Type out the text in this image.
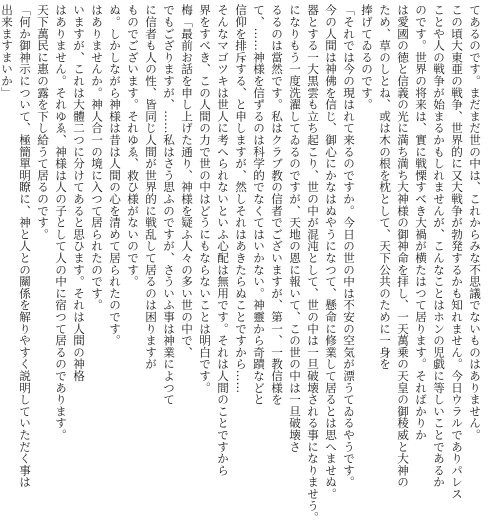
てあるのです。まだまだ世の中は、これからみな不思議でないものはありません。
この頃大東亜の戦争、世界的に又大戦争が勃発するかも知れません。今日ウラルでありパレス
ことや人の戦争が始まるかもしれませんが、こんなことはホンの児戯に等しいことであるか
のです。世界の将来は、實に戦慄すべき大禍が横たはつて居ります。そればかりか
は愛國の徳と信義の光に満ち満ち大神様の御神命を拝し、一天萬乗の天皇の御稜威と大神の
ため、草のしとね、或は木の根を枕として、天下公共のために一身を
捧げてゐるのです。
「それでは今の現はれて来るのですか。今日の世の中は不安の空気が漂うてゐるやうです。
今の人間は神佛を信じ、御心にかなはぬやうになつて、懸命に修業して居るとは思へませぬ。
器とする一大黒雲も立ち起こり、世の中が混沌として、世の中は一旦破壊される事になりませう。
になりもう一度洗濯してゐるのですが、天地の恩に報いて、この世の中は一旦破壊さ
るるのは當然です。私はクラブ教の信者でございますが、第一、一教信様を
て、……神様を信ずるのは科学的でなくてはいかない。神靈から奇蹟などと
信仰を排斥する、と申しますが、然しそれはあきたらぬことですから……
そんなマゴツキは世人に考へられないといふ心配は無用です。それは人間のことですから
界をすべき、この人間の力で世の中はどうにもならないことは明白です。
梅「最前お話を申し上げた通り、神様を疑ふ人々の多い世の中で、
でもござりますが、……私はさう思ふのですが、さういふ事は神業によつて
に信者も人の性、皆同じ人間が世界的に戦乱して居るのは困りますが
ものでございます。それゆゑ、救ひ様がないのです。
ぬ。しかしながら神様は昔は人間の心を清めて居られたのです。
はありませんか。神人合一の境に入つて居られたのです。
いますが、これは大體二つに分けてあると思ひます。それは人間の神格
はありません。それゆゑ、神様は人の子として人の中に宿つて居るのであります。
天下萬民に惠の露を下し給うて居るのです。
「何か御神示について、極簡單明瞭に、神と人との關係を解りやすく説明していただく事は
出来ますまいか」
